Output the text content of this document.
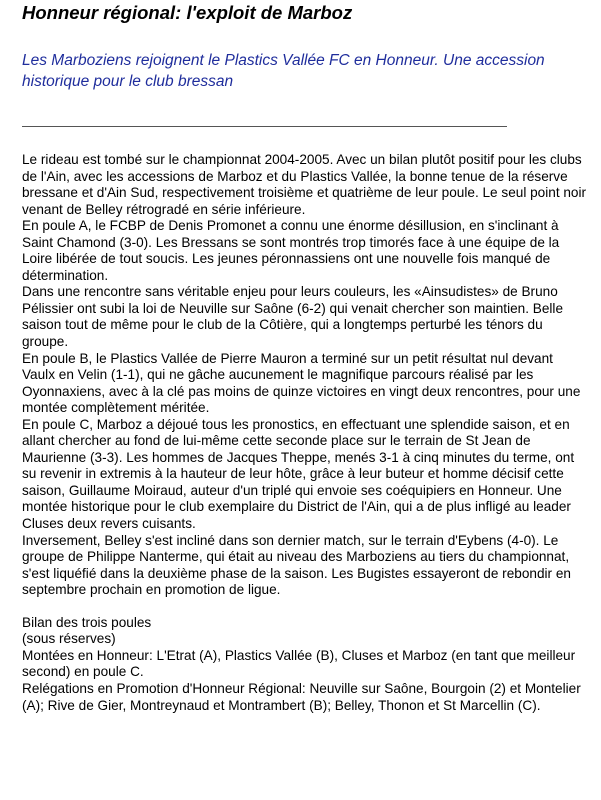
Honneur régional: l'exploit de Marboz

Les Marboziens rejoignent le Plastics Vallée FC en Honneur. Une accession historique pour le club bressan

Le rideau est tombé sur le championnat 2004-2005. Avec un bilan plutôt positif pour les clubs de l'Ain, avec les accessions de Marboz et du Plastics Vallée, la bonne tenue de la réserve bressane et d'Ain Sud, respectivement troisième et quatrième de leur poule. Le seul point noir venant de Belley rétrogradé en série inférieure.

En poule A, le FCBP de Denis Promonet a connu une énorme désillusion, en s'inclinant à Saint Chamond (3-0). Les Bressans se sont montrés trop timorés face à une équipe de la Loire libérée de tout soucis. Les jeunes péronnassiens ont une nouvelle fois manqué de détermination.

Dans une rencontre sans véritable enjeu pour leurs couleurs, les «Ainsudistes» de Bruno Pélissier ont subi la loi de Neuville sur Saône (6-2) qui venait chercher son maintien. Belle saison tout de même pour le club de la Côtière, qui a longtemps perturbé les ténors du groupe.

En poule B, le Plastics Vallée de Pierre Mauron a terminé sur un petit résultat nul devant Vaulx en Velin (1-1), qui ne gâche aucunement le magnifique parcours réalisé par les Oyonnaxiens, avec à la clé pas moins de quinze victoires en vingt deux rencontres, pour une montée complètement méritée.

En poule C, Marboz a déjoué tous les pronostics, en effectuant une splendide saison, et en allant chercher au fond de lui-même cette seconde place sur le terrain de St Jean de Maurienne (3-3). Les hommes de Jacques Theppe, menés 3-1 à cinq minutes du terme, ont su revenir in extremis à la hauteur de leur hôte, grâce à leur buteur et homme décisif cette saison, Guillaume Moiraud, auteur d'un triplé qui envoie ses coéquipiers en Honneur. Une montée historique pour le club exemplaire du District de l'Ain, qui a de plus infligé au leader Cluses deux revers cuisants.

Inversement, Belley s'est incliné dans son dernier match, sur le terrain d'Eybens (4-0). Le groupe de Philippe Nanterme, qui était au niveau des Marboziens au tiers du championnat, s'est liquéfié dans la deuxième phase de la saison. Les Bugistes essayeront de rebondir en septembre prochain en promotion de ligue.

Bilan des trois poules

(sous réserves)

Montées en Honneur: L'Etrat (A), Plastics Vallée (B), Cluses et Marboz (en tant que meilleur second) en poule C.

Relégations en Promotion d'Honneur Régional: Neuville sur Saône, Bourgoin (2) et Montelier (A); Rive de Gier, Montreynaud et Montrambert (B); Belley, Thonon et St Marcellin (C).
